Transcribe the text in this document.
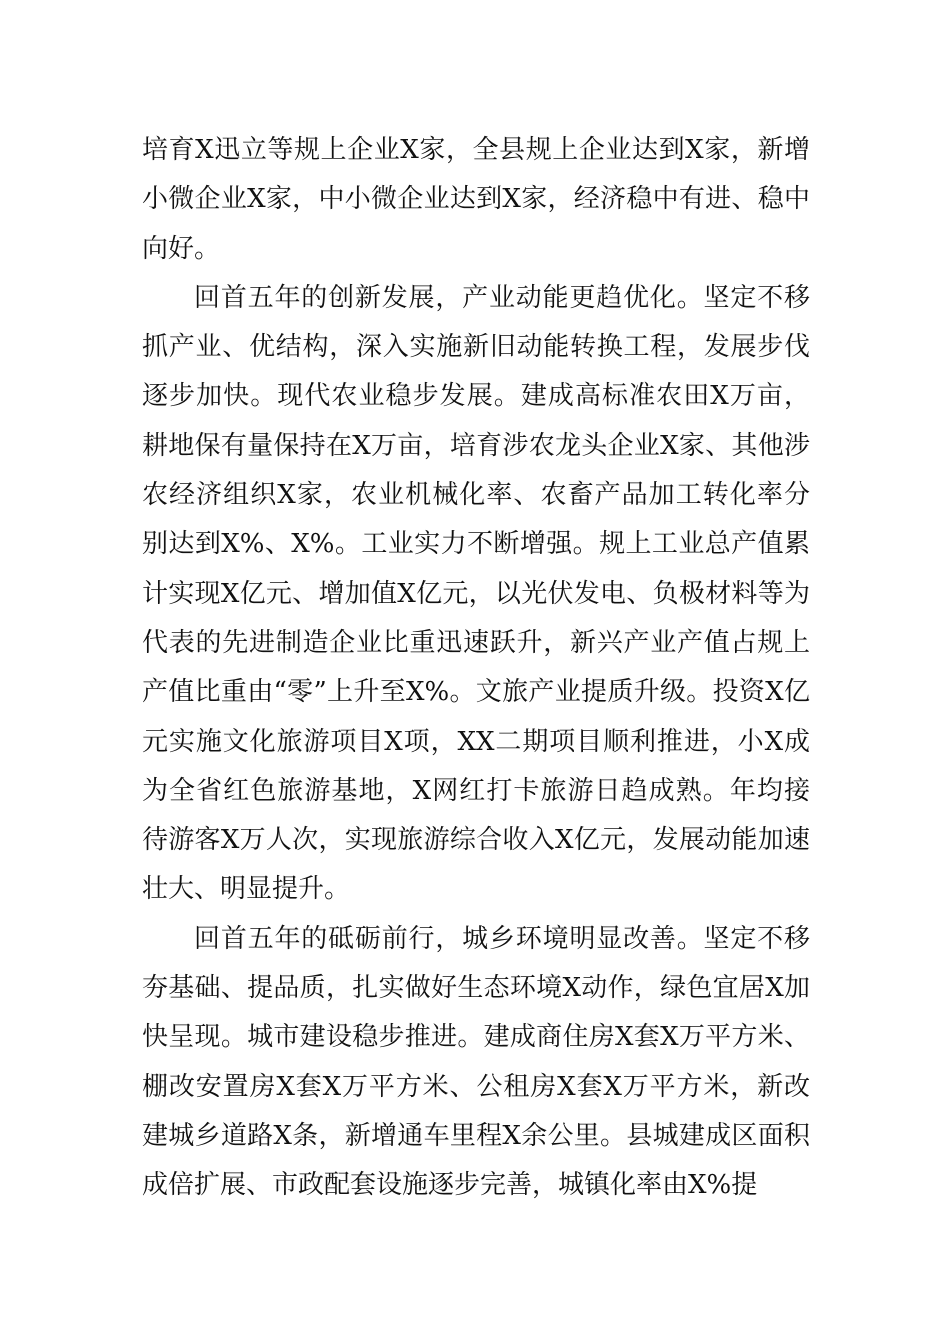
培育X迅立等规上企业X家，全县规上企业达到X家，新增小微企业X家，中小微企业达到X家，经济稳中有进、稳中向好。

回首五年的创新发展，产业动能更趋优化。坚定不移抓产业、优结构，深入实施新旧动能转换工程，发展步伐逐步加快。现代农业稳步发展。建成高标准农田X万亩，耕地保有量保持在X万亩，培育涉农龙头企业X家、其他涉农经济组织X家，农业机械化率、农畜产品加工转化率分别达到X%、X%。工业实力不断增强。规上工业总产值累计实现X亿元、增加值X亿元，以光伏发电、负极材料等为代表的先进制造企业比重迅速跃升，新兴产业产值占规上产值比重由“零”上升至X%。文旅产业提质升级。投资X亿元实施文化旅游项目X项，XX二期项目顺利推进，小X成为全省红色旅游基地，X网红打卡旅游日趋成熟。年均接待游客X万人次，实现旅游综合收入X亿元，发展动能加速壮大、明显提升。

回首五年的砥砺前行，城乡环境明显改善。坚定不移夯基础、提品质，扎实做好生态环境X动作，绿色宜居X加快呈现。城市建设稳步推进。建成商住房X套X万平方米、棚改安置房X套X万平方米、公租房X套X万平方米，新改建城乡道路X条，新增通车里程X余公里。县城建成区面积成倍扩展、市政配套设施逐步完善，城镇化率由X%提
